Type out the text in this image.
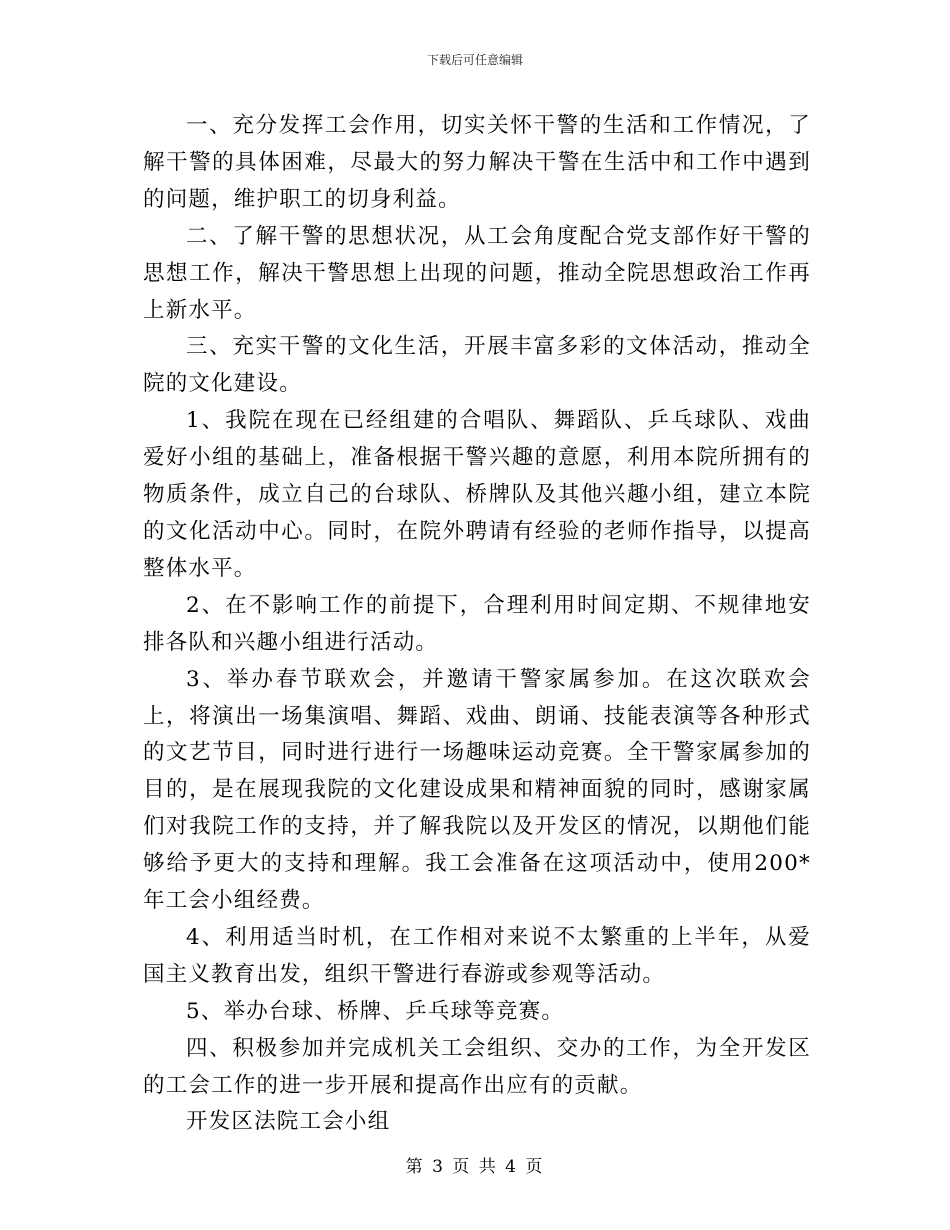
下载后可任意编辑

一、充分发挥工会作用，切实关怀干警的生活和工作情况，了解干警的具体困难，尽最大的努力解决干警在生活中和工作中遇到的问题，维护职工的切身利益。

二、了解干警的思想状况，从工会角度配合党支部作好干警的思想工作，解决干警思想上出现的问题，推动全院思想政治工作再上新水平。

三、充实干警的文化生活，开展丰富多彩的文体活动，推动全院的文化建设。

1、我院在现在已经组建的合唱队、舞蹈队、乒乓球队、戏曲爱好小组的基础上，准备根据干警兴趣的意愿，利用本院所拥有的物质条件，成立自己的台球队、桥牌队及其他兴趣小组，建立本院的文化活动中心。同时，在院外聘请有经验的老师作指导，以提高整体水平。

2、在不影响工作的前提下，合理利用时间定期、不规律地安排各队和兴趣小组进行活动。

3、举办春节联欢会，并邀请干警家属参加。在这次联欢会上，将演出一场集演唱、舞蹈、戏曲、朗诵、技能表演等各种形式的文艺节目，同时进行进行一场趣味运动竞赛。全干警家属参加的目的，是在展现我院的文化建设成果和精神面貌的同时，感谢家属们对我院工作的支持，并了解我院以及开发区的情况，以期他们能够给予更大的支持和理解。我工会准备在这项活动中，使用200*年工会小组经费。

4、利用适当时机，在工作相对来说不太繁重的上半年，从爱国主义教育出发，组织干警进行春游或参观等活动。

5、举办台球、桥牌、乒乓球等竞赛。

四、积极参加并完成机关工会组织、交办的工作，为全开发区的工会工作的进一步开展和提高作出应有的贡献。

开发区法院工会小组

第 3 页 共 4 页
